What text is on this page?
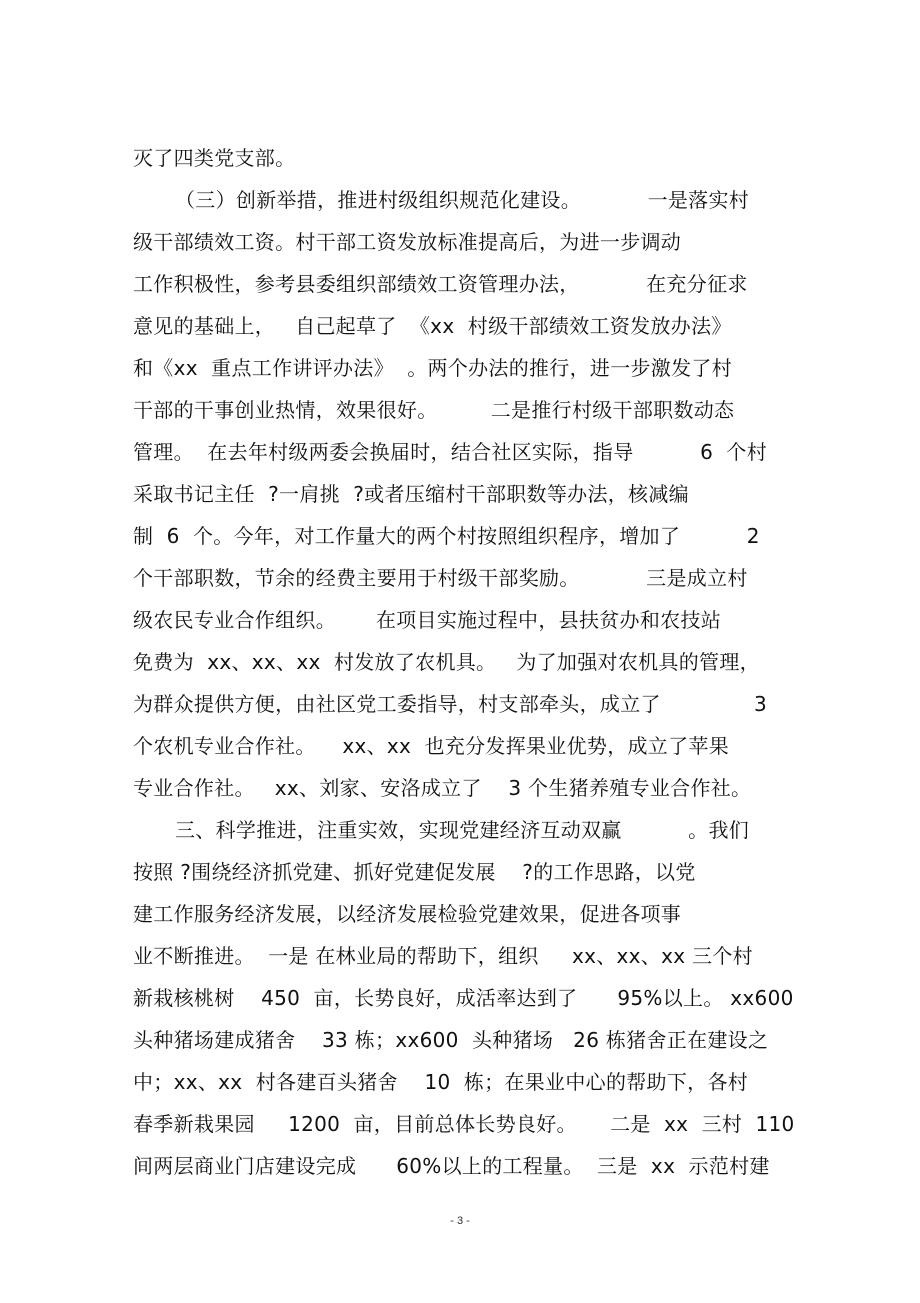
灭了四类党支部。
（三）创新举措，推进村级组织规范化建设。          一是落实村
级干部绩效工资。村干部工资发放标准提高后，为进一步调动
工作积极性，参考县委组织部绩效工资管理办法，          在充分征求
意见的基础上，   自己起草了  《xx  村级干部绩效工资发放办法》
和《xx  重点工作讲评办法》  。两个办法的推行，进一步激发了村
干部的干事创业热情，效果很好。        二是推行村级干部职数动态
管理。  在去年村级两委会换届时，结合社区实际，指导          6  个村
采取书记主任  ?一肩挑  ?或者压缩村干部职数等办法，核减编
制  6  个。今年，对工作量大的两个村按照组织程序，增加了          2
个干部职数，节余的经费主要用于村级干部奖励。          三是成立村
级农民专业合作组织。      在项目实施过程中，县扶贫办和农技站
免费为  xx、xx、xx  村发放了农机具。   为了加强对农机具的管理，
为群众提供方便，由社区党工委指导，村支部牵头，成立了              3
个农机专业合作社。    xx、xx  也充分发挥果业优势，成立了苹果
专业合作社。   xx、刘家、安洛成立了    3 个生猪养殖专业合作社。
三、科学推进，注重实效，实现党建经济互动双赢          。我们
按照 ?围绕经济抓党建、抓好党建促发展    ?的工作思路，以党
建工作服务经济发展，以经济发展检验党建效果，促进各项事
业不断推进。  一是 在林业局的帮助下，组织     xx、xx、xx 三个村
新栽核桃树    450  亩，长势良好，成活率达到了      95%以上。 xx600
头种猪场建成猪舍    33 栋；xx600  头种猪场   26 栋猪舍正在建设之
中；xx、xx  村各建百头猪舍    10  栋；在果业中心的帮助下，各村
春季新栽果园     1200  亩，目前总体长势良好。     二是  xx  三村  110
间两层商业门店建设完成      60%以上的工程量。  三是  xx  示范村建
- 3 -
